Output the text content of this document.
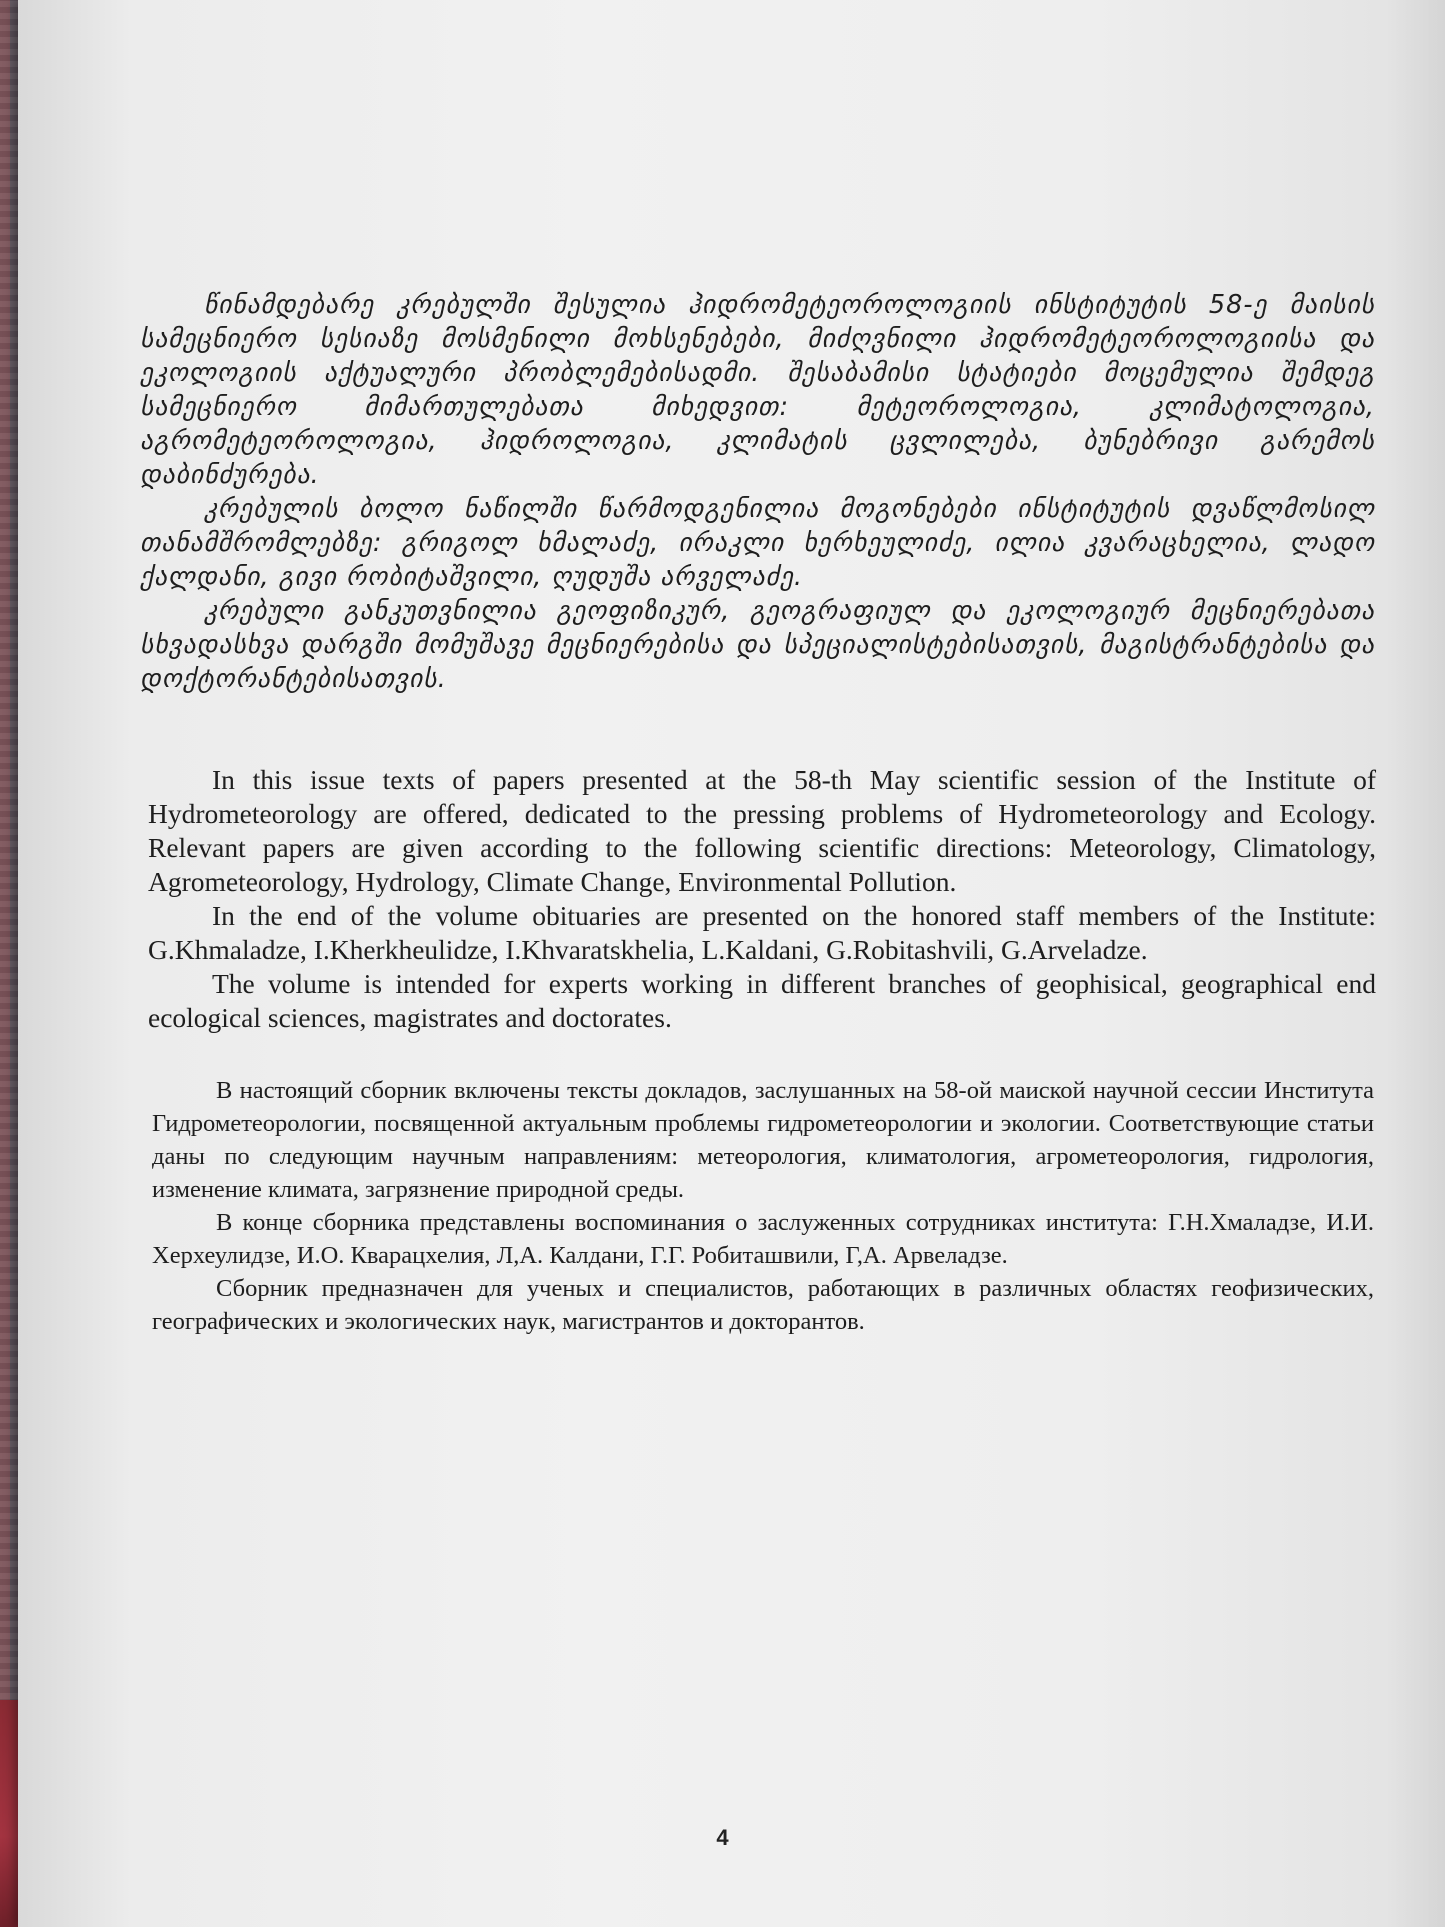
წინამდებარე კრებულში შესულია ჰიდრომეტეოროლოგიის ინსტიტუტის 58-ე მაისის სამეცნიერო სესიაზე მოსმენილი მოხსენებები, მიძღვნილი ჰიდრომეტეოროლოგიისა და ეკოლოგიის აქტუალური პრობლემებისადმი. შესაბამისი სტატიები მოცემულია შემდეგ სამეცნიერო მიმართულებათა მიხედვით: მეტეოროლოგია, კლიმატოლოგია, აგრომეტეოროლოგია, ჰიდროლოგია, კლიმატის ცვლილება, ბუნებრივი გარემოს დაბინძურება.

კრებულის ბოლო ნაწილში წარმოდგენილია მოგონებები ინსტიტუტის დვაწლმოსილ თანამშრომლებზე: გრიგოლ ხმალაძე, ირაკლი ხერხეულიძე, ილია კვარაცხელია, ლადო ქალდანი, გივი რობიტაშვილი, ღუდუშა არველაძე.

კრებული განკუთვნილია გეოფიზიკურ, გეოგრაფიულ და ეკოლოგიურ მეცნიერებათა სხვადასხვა დარგში მომუშავე მეცნიერებისა და სპეციალისტებისათვის, მაგისტრანტებისა და დოქტორანტებისათვის.

In this issue texts of papers presented at the 58-th May scientific session of the Institute of Hydrometeorology are offered, dedicated to the pressing problems of Hydrometeorology and Ecology. Relevant papers are given according to the following scientific directions: Meteorology, Climatology, Agrometeorology, Hydrology, Climate Change, Environmental Pollution.

In the end of the volume obituaries are presented on the honored staff members of the Institute: G.Khmaladze, I.Kherkheulidze, I.Khvaratskhelia, L.Kaldani, G.Robitashvili, G.Arveladze.

The volume is intended for experts working in different branches of geophisical, geographical end ecological sciences, magistrates and doctorates.

В настоящий сборник включены тексты докладов, заслушанных на 58-ой маиской научной сессии Института Гидрометеорологии, посвященной актуальным проблемы гидрометеорологии и экологии. Соответствующие статьи даны по следующим научным направлениям: метеорология, климатология, агрометеорология, гидрология, изменение климата, загрязнение природной среды.

В конце сборника представлены воспоминания о заслуженных сотрудниках института: Г.Н.Хмаладзе, И.И. Херхеулидзе, И.О. Кварацхелия, Л,А. Калдани, Г.Г. Робиташвили, Г,А. Арвеладзе.

Сборник предназначен для ученых и специалистов, работающих в различных областях геофизических, географических и экологических наук, магистрантов и докторантов.

4
